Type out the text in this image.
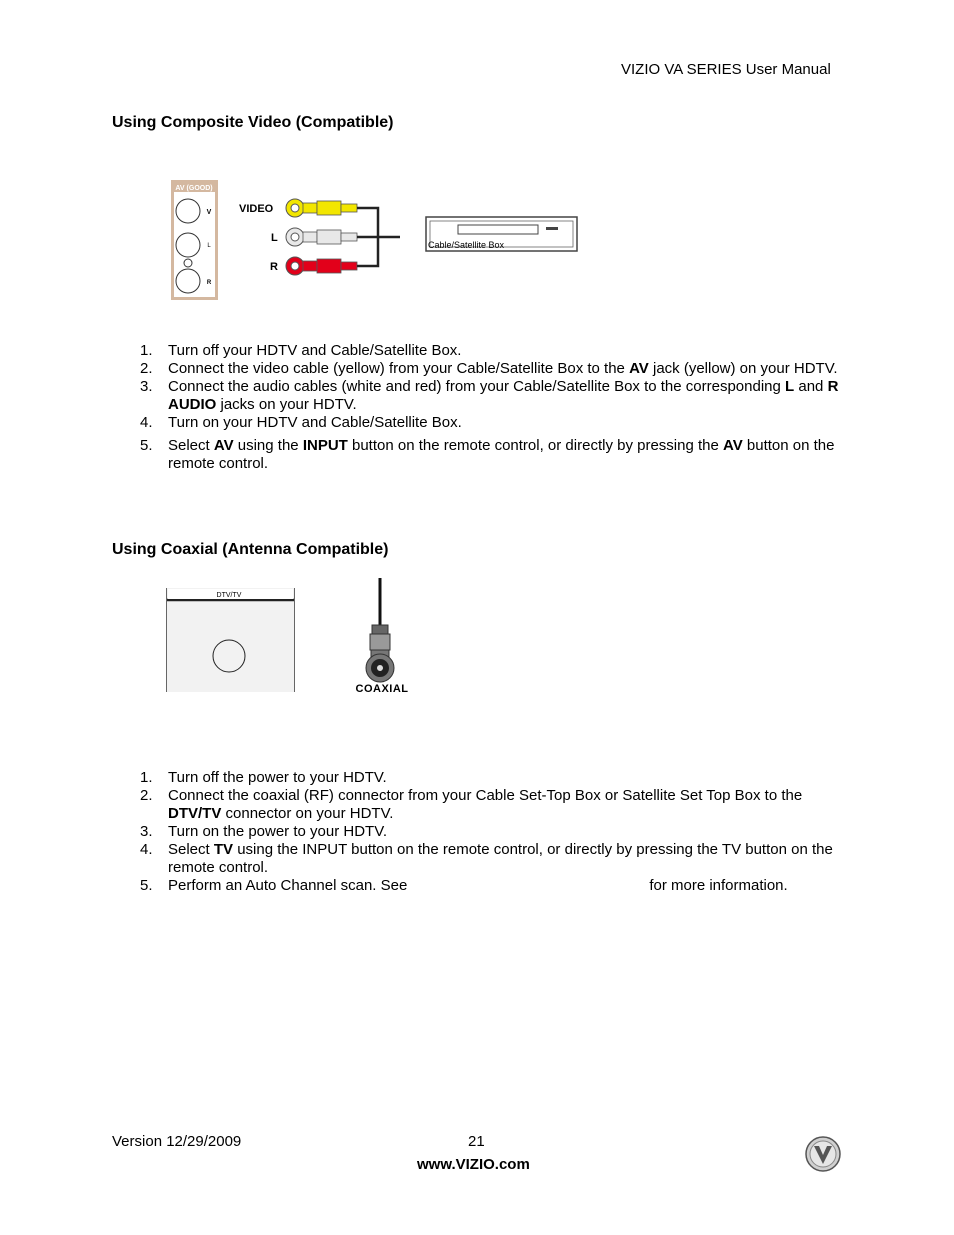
VIZIO VA SERIES User Manual
Using Composite Video (Compatible)
AV (GOOD)
V
L
R
VIDEO
L
R
Cable/Satellite Box
1. Turn off your HDTV and Cable/Satellite Box.
2. Connect the video cable (yellow) from your Cable/Satellite Box to the AV jack (yellow) on your HDTV.
3. Connect the audio cables (white and red) from your Cable/Satellite Box to the corresponding L and R AUDIO jacks on your HDTV.
4. Turn on your HDTV and Cable/Satellite Box.
5. Select AV using the INPUT button on the remote control, or directly by pressing the AV button on the remote control.
Using Coaxial (Antenna Compatible)
DTV/TV
COAXIAL
1. Turn off the power to your HDTV.
2. Connect the coaxial (RF) connector from your Cable Set-Top Box or Satellite Set Top Box to the DTV/TV connector on your HDTV.
3. Turn on the power to your HDTV.
4. Select TV using the INPUT button on the remote control, or directly by pressing the TV button on the remote control.
5. Perform an Auto Channel scan. See	for more information.
Version 12/29/2009	21
www.VIZIO.com
